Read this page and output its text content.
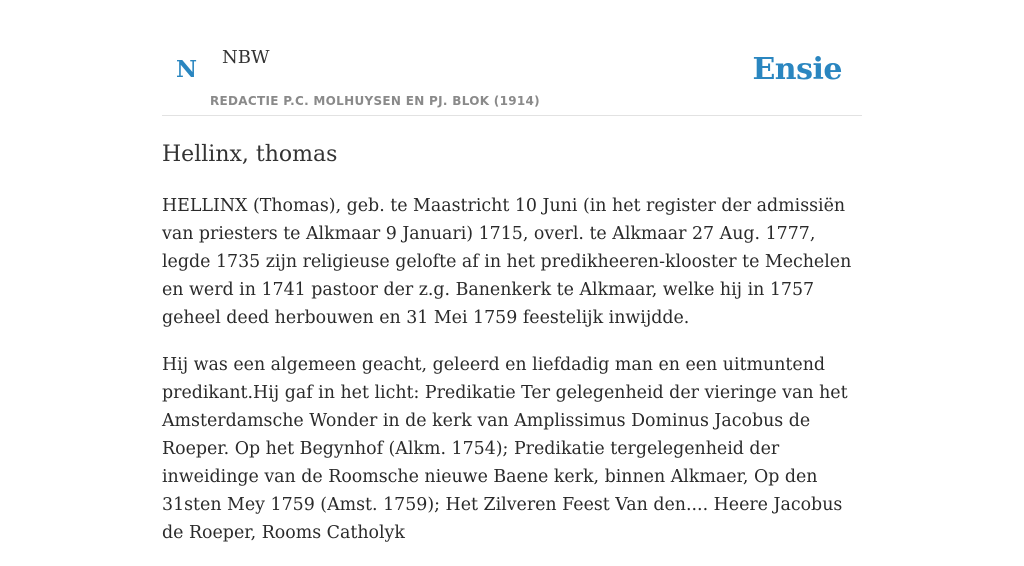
N NBW
REDACTIE P.C. MOLHUYSEN EN PJ. BLOK (1914)
Ensie
Hellinx, thomas

HELLINX (Thomas), geb. te Maastricht 10 Juni (in het register der admissiën van priesters te Alkmaar 9 Januari) 1715, overl. te Alkmaar 27 Aug. 1777, legde 1735 zijn religieuse gelofte af in het predikheeren-klooster te Mechelen en werd in 1741 pastoor der z.g. Banenkerk te Alkmaar, welke hij in 1757 geheel deed herbouwen en 31 Mei 1759 feestelijk inwijdde.

Hij was een algemeen geacht, geleerd en liefdadig man en een uitmuntend predikant.Hij gaf in het licht: Predikatie Ter gelegenheid der vieringe van het Amsterdamsche Wonder in de kerk van Amplissimus Dominus Jacobus de Roeper. Op het Begynhof (Alkm. 1754); Predikatie tergelegenheid der inweidinge van de Roomsche nieuwe Baene kerk, binnen Alkmaer, Op den 31sten Mey 1759 (Amst. 1759); Het Zilveren Feest Van den.... Heere Jacobus de Roeper, Rooms Catholyk
